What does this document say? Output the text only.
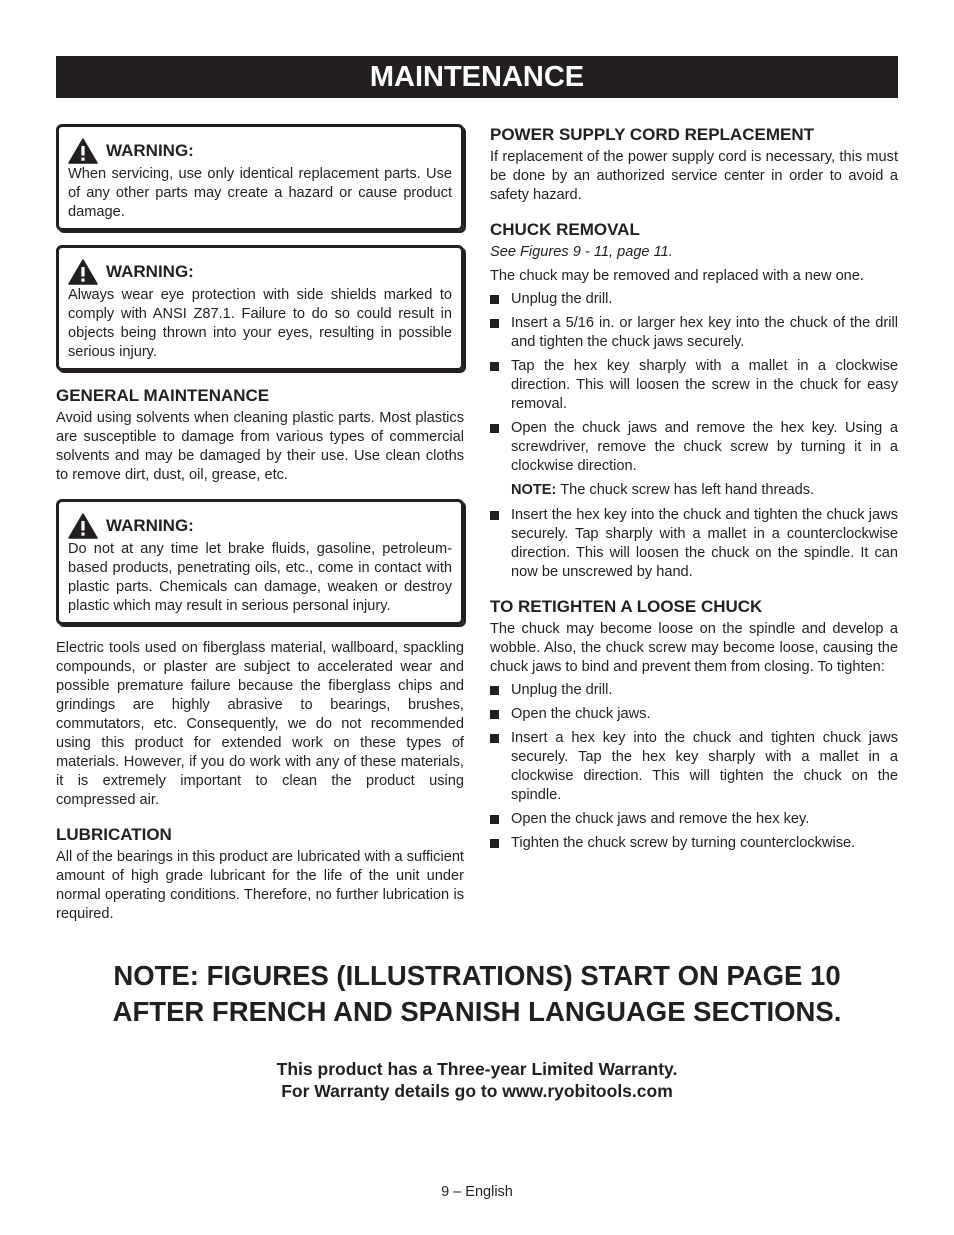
MAINTENANCE
WARNING:

When servicing, use only identical replacement parts. Use of any other parts may create a hazard or cause product damage.

WARNING:

Always wear eye protection with side shields marked to comply with ANSI Z87.1. Failure to do so could result in objects being thrown into your eyes, resulting in possible serious injury.

GENERAL MAINTENANCE

Avoid using solvents when cleaning plastic parts. Most plastics are susceptible to damage from various types of commercial solvents and may be damaged by their use. Use clean cloths to remove dirt, dust, oil, grease, etc.

WARNING:

Do not at any time let brake fluids, gasoline, petroleum-based products, penetrating oils, etc., come in contact with plastic parts. Chemicals can damage, weaken or destroy plastic which may result in serious personal injury.

Electric tools used on fiberglass material, wallboard, spackling compounds, or plaster are subject to accelerated wear and possible premature failure because the fiberglass chips and grindings are highly abrasive to bearings, brushes, commutators, etc. Consequently, we do not recommended using this product for extended work on these types of materials. However, if you do work with any of these materials, it is extremely important to clean the product using compressed air.

LUBRICATION

All of the bearings in this product are lubricated with a sufficient amount of high grade lubricant for the life of the unit under normal operating conditions. Therefore, no further lubrication is required.

POWER SUPPLY CORD REPLACEMENT

If replacement of the power supply cord is necessary, this must be done by an authorized service center in order to avoid a safety hazard.

CHUCK REMOVAL

See Figures 9 - 11, page 11.

The chuck may be removed and replaced with a new one.

Unplug the drill.
Insert a 5/16 in. or larger hex key into the chuck of the drill and tighten the chuck jaws securely.
Tap the hex key sharply with a mallet in a clockwise direction. This will loosen the screw in the chuck for easy removal.
Open the chuck jaws and remove the hex key. Using a screwdriver, remove the chuck screw by turning it in a clockwise direction.

NOTE: The chuck screw has left hand threads.

Insert the hex key into the chuck and tighten the chuck jaws securely. Tap sharply with a mallet in a counterclockwise direction. This will loosen the chuck on the spindle. It can now be unscrewed by hand.
TO RETIGHTEN A LOOSE CHUCK

The chuck may become loose on the spindle and develop a wobble. Also, the chuck screw may become loose, causing the chuck jaws to bind and prevent them from closing. To tighten:

Unplug the drill.
Open the chuck jaws.
Insert a hex key into the chuck and tighten chuck jaws securely. Tap the hex key sharply with a mallet in a clockwise direction. This will tighten the chuck on the spindle.
Open the chuck jaws and remove the hex key.
Tighten the chuck screw by turning counterclockwise.
NOTE: FIGURES (ILLUSTRATIONS) START ON PAGE 10
AFTER FRENCH AND SPANISH LANGUAGE SECTIONS.
This product has a Three-year Limited Warranty.
For Warranty details go to www.ryobitools.com
9 – English
